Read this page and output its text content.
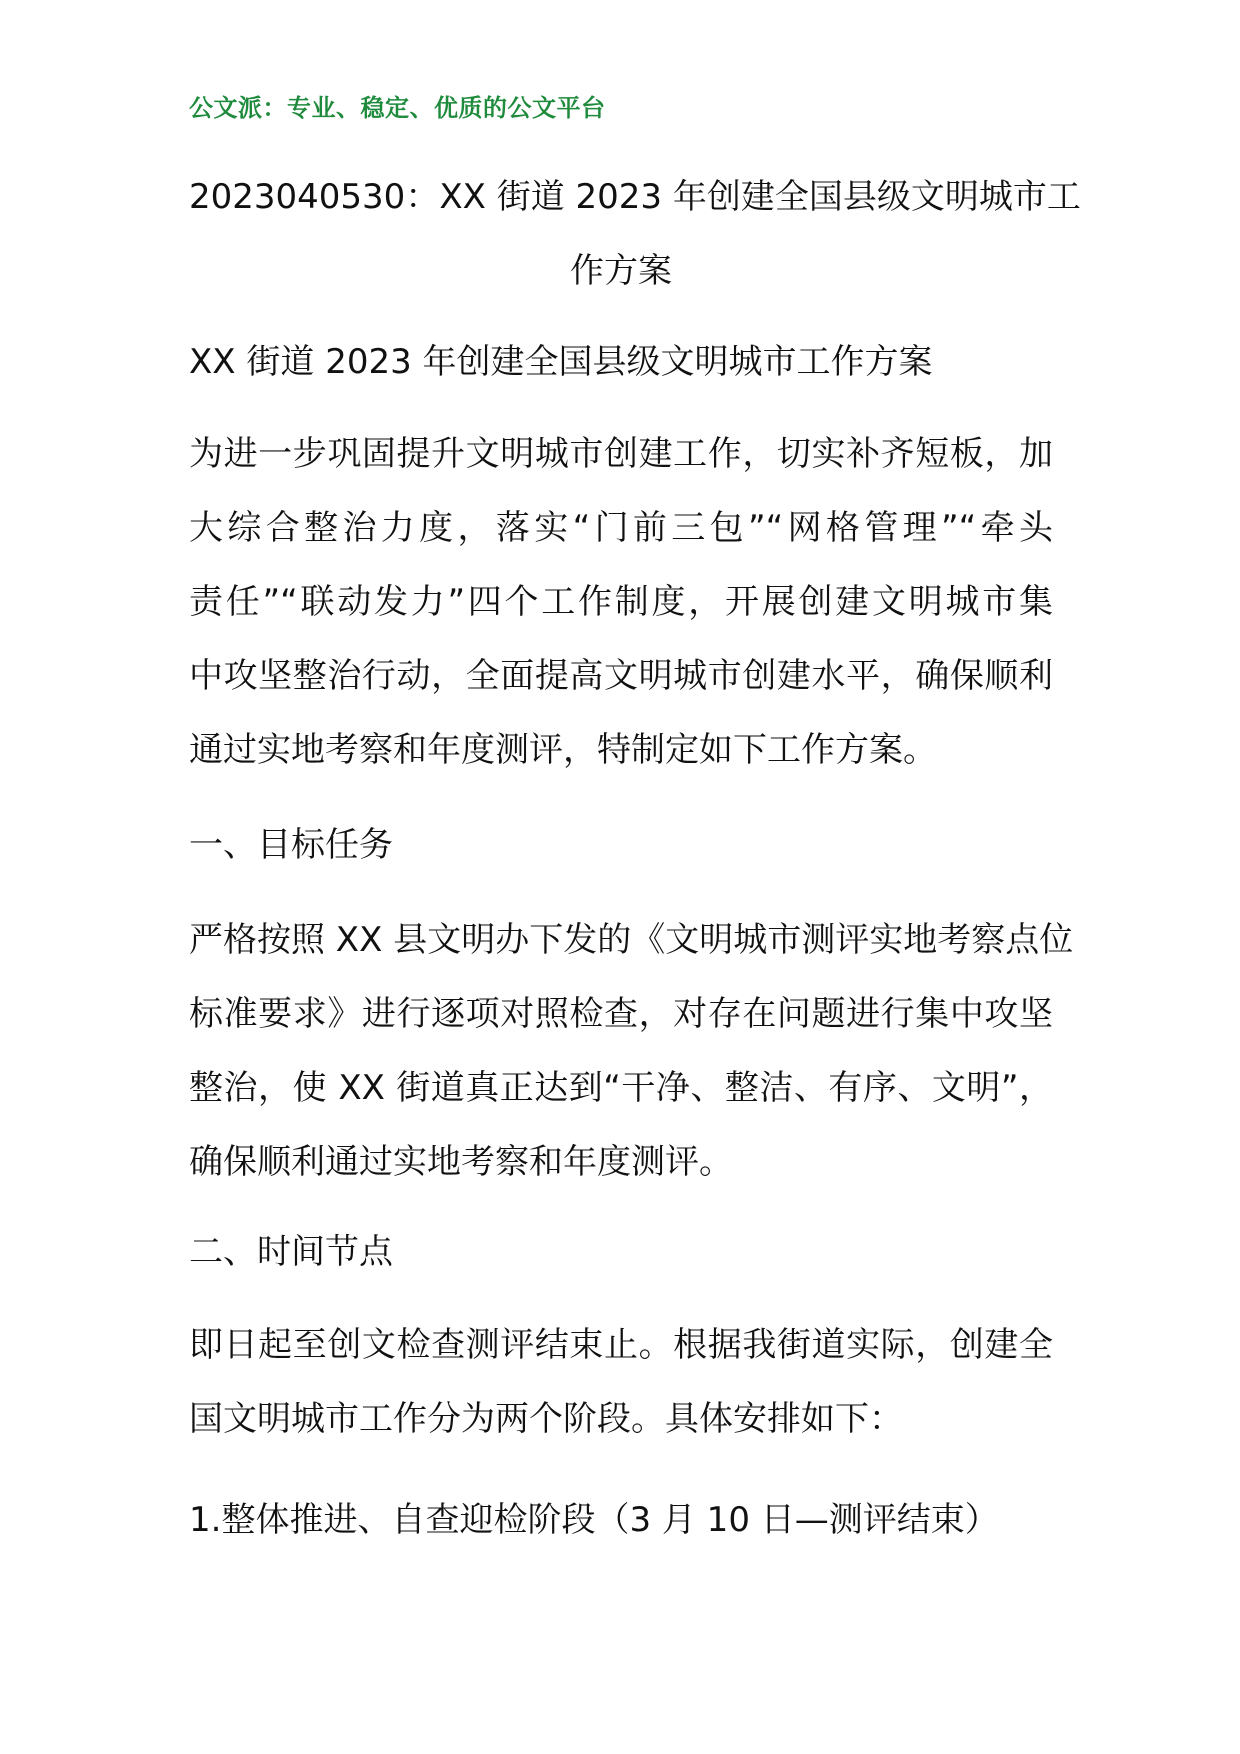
公文派：专业、稳定、优质的公文平台
2023040530：XX 街道 2023 年创建全国县级文明城市工
作方案
XX 街道 2023 年创建全国县级文明城市工作方案
为进一步巩固提升文明城市创建工作，切实补齐短板，加
大综合整治力度，落实“门前三包”“网格管理”“牵头
责任”“联动发力”四个工作制度，开展创建文明城市集
中攻坚整治行动，全面提高文明城市创建水平，确保顺利
通过实地考察和年度测评，特制定如下工作方案。
一、目标任务
严格按照 XX 县文明办下发的《文明城市测评实地考察点位
标准要求》进行逐项对照检查，对存在问题进行集中攻坚
整治，使 XX 街道真正达到“干净、整洁、有序、文明”，
确保顺利通过实地考察和年度测评。
二、时间节点
即日起至创文检查测评结束止。根据我街道实际，创建全
国文明城市工作分为两个阶段。具体安排如下：
1.整体推进、自查迎检阶段（3 月 10 日—测评结束）
